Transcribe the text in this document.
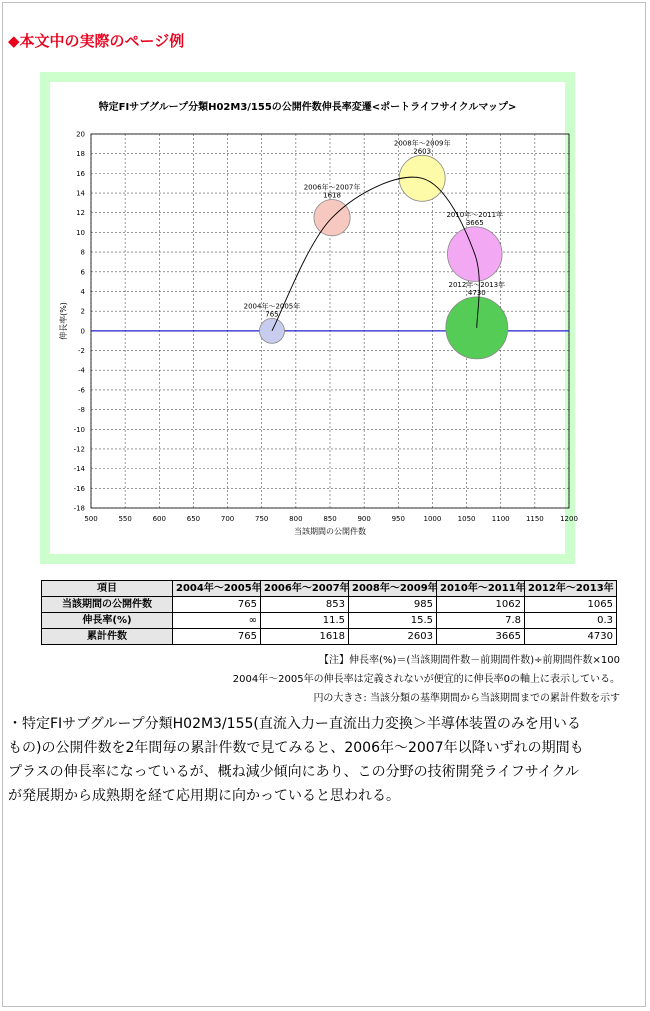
◆本文中の実際のページ例
特定FIサブグループ分類H02M3/155の公開件数伸長率変遷<ポートライフサイクルマップ>
500	550	600	650	700	750	800	850	900	950	1000 1050 1100 1150 1200
20
18
16
14
12
10
8
6
4
2
0
-2
-4
-6
-8
-10
-12
-14
-16
-18
当該期間の公開件数
伸長率(%)	2004年～2005年
765
2006年～2007年
1618
2008年～2009年
2603
2010年～2011年
3665
2012年～2013年
4730
項目	2004年～2005年	2006年～2007年	2008年～2009年	2010年～2011年	2012年～2013年
当該期間の公開件数	765	853	985	1062	1065
伸長率(%)	∞	11.5	15.5	7.8	0.3
累計件数	765	1618	2603	3665	4730
【注】伸長率(%)＝(当該期間件数－前期間件数)÷前期間件数×100
2004年～2005年の伸長率は定義されないが便宜的に伸長率0の軸上に表示している。
円の大きさ: 当該分類の基準期間から当該期間までの累計件数を示す
・特定FIサブグループ分類H02M3/155(直流入力ー直流出力変換＞半導体装置のみを用いるもの)の公開件数を2年間毎の累計件数で見てみると、2006年～2007年以降いずれの期間もプラスの伸長率になっているが、概ね減少傾向にあり、この分野の技術開発ライフサイクルが発展期から成熟期を経て応用期に向かっていると思われる。
